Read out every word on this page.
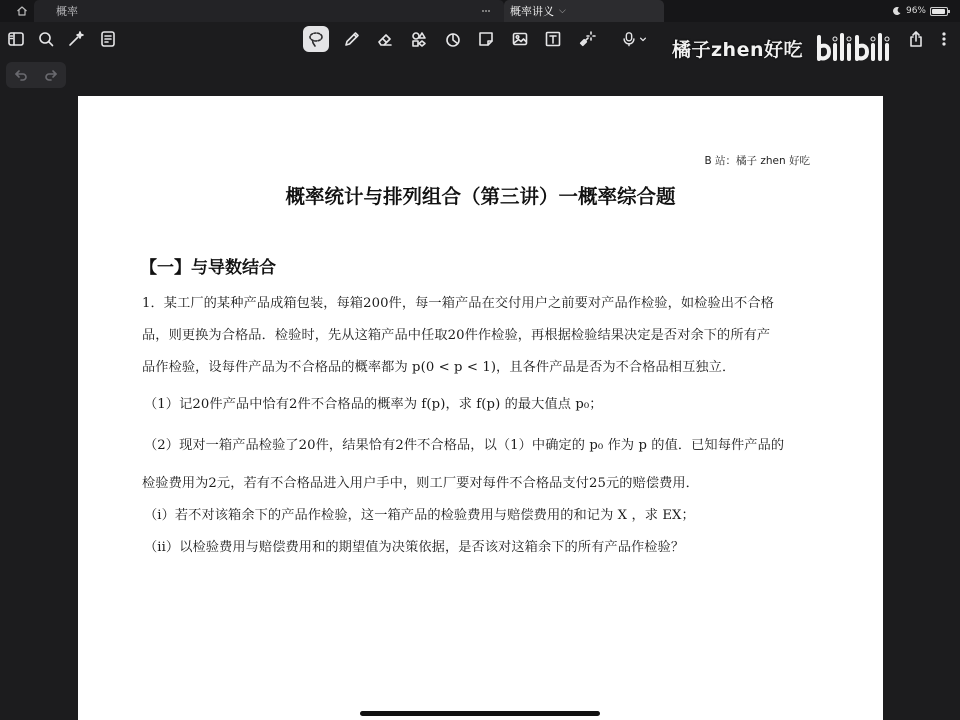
概率	概率讲义 ⌵	96%
橘子zhen好吃
B 站：橘子 zhen 好吃
概率统计与排列组合（第三讲）一概率综合题
【一】与导数结合
1．某工厂的某种产品成箱包装，每箱200件，每一箱产品在交付用户之前要对产品作检验，如检验出不合格
品，则更换为合格品．检验时，先从这箱产品中任取20件作检验，再根据检验结果决定是否对余下的所有产
品作检验，设每件产品为不合格品的概率都为 p(0 < p < 1)，且各件产品是否为不合格品相互独立．
（1）记20件产品中恰有2件不合格品的概率为 f(p)，求 f(p) 的最大值点 p₀；
（2）现对一箱产品检验了20件，结果恰有2件不合格品，以（1）中确定的 p₀ 作为 p 的值．已知每件产品的
检验费用为2元，若有不合格品进入用户手中，则工厂要对每件不合格品支付25元的赔偿费用．
（i）若不对该箱余下的产品作检验，这一箱产品的检验费用与赔偿费用的和记为 X ，求 EX；
（ii）以检验费用与赔偿费用和的期望值为决策依据，是否该对这箱余下的所有产品作检验？
